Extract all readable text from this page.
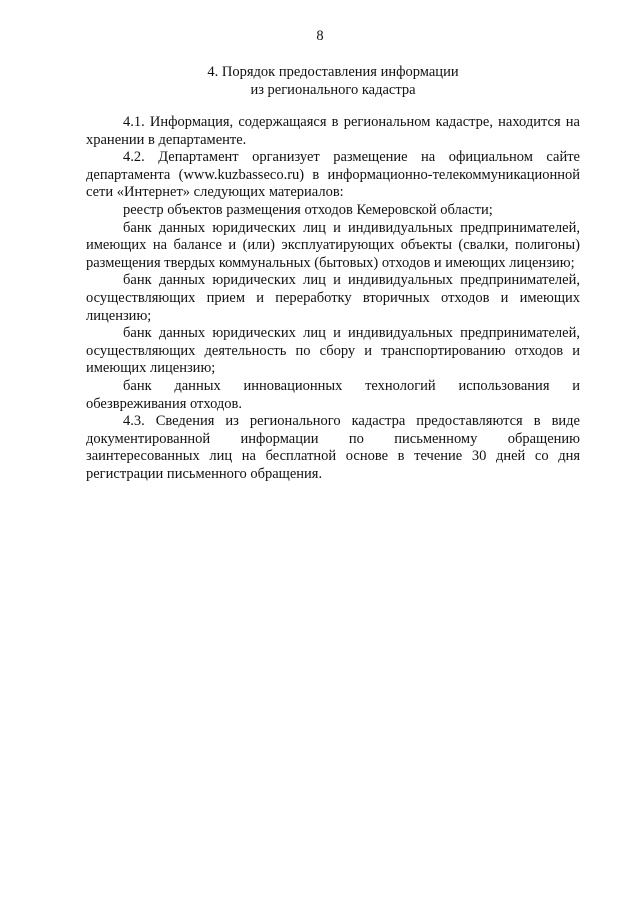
8
4. Порядок предоставления информации
из регионального кадастра

4.1. Информация, содержащаяся в региональном кадастре, находится на хранении в департаменте.

4.2. Департамент организует размещение на официальном сайте департамента (www.kuzbasseco.ru) в информационно-телекоммуникационной сети «Интернет» следующих материалов:

реестр объектов размещения отходов Кемеровской области;

банк данных юридических лиц и индивидуальных предпринимателей, имеющих на балансе и (или) эксплуатирующих объекты (свалки, полигоны) размещения твердых коммунальных (бытовых) отходов и имеющих лицензию;

банк данных юридических лиц и индивидуальных предпринимателей, осуществляющих прием и переработку вторичных отходов и имеющих лицензию;

банк данных юридических лиц и индивидуальных предпринимателей, осуществляющих деятельность по сбору и транспортированию отходов и имеющих лицензию;

банк данных инновационных технологий использования и обезвреживания отходов.

4.3. Сведения из регионального кадастра предоставляются в виде документированной информации по письменному обращению заинтересованных лиц на бесплатной основе в течение 30 дней со дня регистрации письменного обращения.
